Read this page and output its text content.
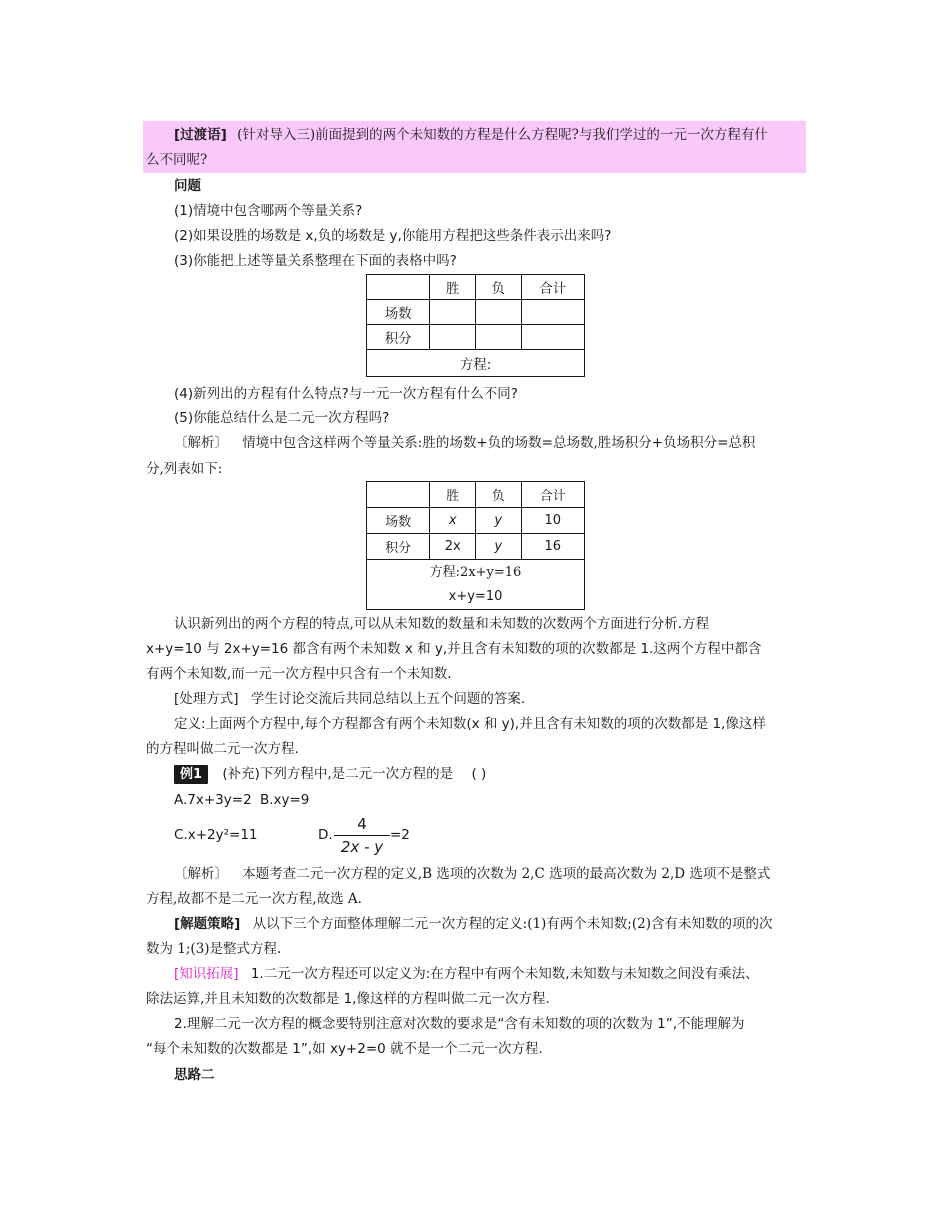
[过渡语] (针对导入三)前面提到的两个未知数的方程是什么方程呢?与我们学过的一元一次方程有什
么不同呢?
问题
(1)情境中包含哪两个等量关系?
(2)如果设胜的场数是 x,负的场数是 y,你能用方程把这些条件表示出来吗?
(3)你能把上述等量关系整理在下面的表格中吗?
	胜	负	合计
场数			
积分			
方程:			
(4)新列出的方程有什么特点?与一元一次方程有什么不同?
(5)你能总结什么是二元一次方程吗?
〔解析〕 情境中包含这样两个等量关系:胜的场数+负的场数=总场数,胜场积分+负场积分=总积
分,列表如下:
	胜	负	合计
场数	x	y	10
积分	2x	y	16

方程:2x+y=16
x+y=10			
认识新列出的两个方程的特点,可以从未知数的数量和未知数的次数两个方面进行分析.方程
x+y=10 与 2x+y=16 都含有两个未知数 x 和 y,并且含有未知数的项的次数都是 1.这两个方程中都含
有两个未知数,而一元一次方程中只含有一个未知数.
[处理方式] 学生讨论交流后共同总结以上五个问题的答案.
定义:上面两个方程中,每个方程都含有两个未知数(x 和 y),并且含有未知数的项的次数都是 1,像这样
的方程叫做二元一次方程.
例1 (补充)下列方程中,是二元一次方程的是 ( )
A.7x+3y=2 B.xy=9
C.x+2y²=11	D.
4
2x - y
=2
〔解析〕 本题考查二元一次方程的定义,B 选项的次数为 2,C 选项的最高次数为 2,D 选项不是整式
方程,故都不是二元一次方程,故选 A.
[解题策略] 从以下三个方面整体理解二元一次方程的定义:(1)有两个未知数;(2)含有未知数的项的次
数为 1;(3)是整式方程.
[知识拓展] 1.二元一次方程还可以定义为:在方程中有两个未知数,未知数与未知数之间没有乘法、
除法运算,并且未知数的次数都是 1,像这样的方程叫做二元一次方程.
2.理解二元一次方程的概念要特别注意对次数的要求是“含有未知数的项的次数为 1”,不能理解为
“每个未知数的次数都是 1”,如 xy+2=0 就不是一个二元一次方程.
思路二
